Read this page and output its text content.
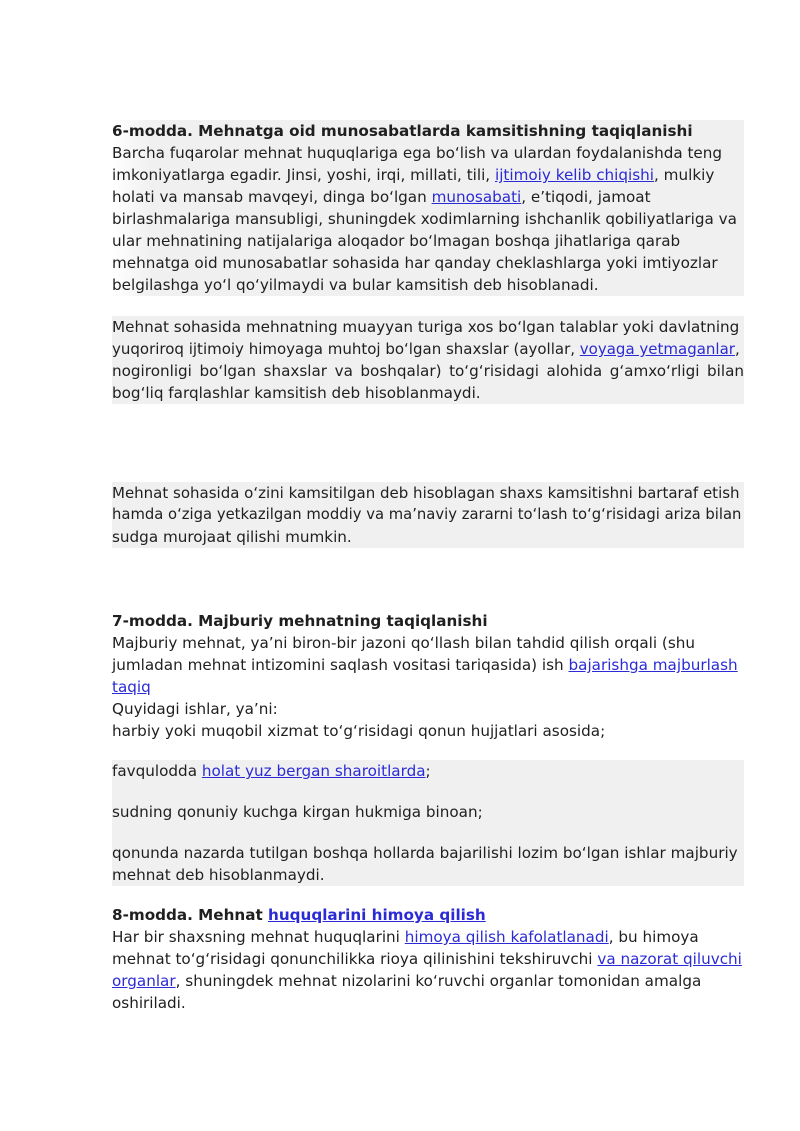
6-modda. Mehnatga oid munosabatlarda kamsitishning taqiqlanishi
Barcha fuqarolar mehnat huquqlariga ega bo‘lish va ulardan foydalanishda teng
imkoniyatlarga egadir. Jinsi, yoshi, irqi, millati, tili, ijtimoiy kelib chiqishi, mulkiy
holati va mansab mavqeyi, dinga bo‘lgan munosabati, e’tiqodi, jamoat
birlashmalariga mansubligi, shuningdek xodimlarning ishchanlik qobiliyatlariga va
ular mehnatining natijalariga aloqador bo‘lmagan boshqa jihatlariga qarab
mehnatga oid munosabatlar sohasida har qanday cheklashlarga yoki imtiyozlar
belgilashga yo‘l qo‘yilmaydi va bular kamsitish deb hisoblanadi.
Mehnat sohasida mehnatning muayyan turiga xos bo‘lgan talablar yoki davlatning
yuqoriroq ijtimoiy himoyaga muhtoj bo‘lgan shaxslar (ayollar, voyaga yetmaganlar,
nogironligi bo‘lgan shaxslar va boshqalar) to‘g‘risidagi alohida g‘amxo‘rligi bilan
bog‘liq farqlashlar kamsitish deb hisoblanmaydi.
Mehnat sohasida o‘zini kamsitilgan deb hisoblagan shaxs kamsitishni bartaraf etish
hamda o‘ziga yetkazilgan moddiy va ma’naviy zararni to‘lash to‘g‘risidagi ariza bilan
sudga murojaat qilishi mumkin.
7-modda. Majburiy mehnatning taqiqlanishi
Majburiy mehnat, ya’ni biron-bir jazoni qo‘llash bilan tahdid qilish orqali (shu
jumladan mehnat intizomini saqlash vositasi tariqasida) ish bajarishga majburlash
taqiq
Quyidagi ishlar, ya’ni:
harbiy yoki muqobil xizmat to‘g‘risidagi qonun hujjatlari asosida;
favqulodda holat yuz bergan sharoitlarda;
sudning qonuniy kuchga kirgan hukmiga binoan;
qonunda nazarda tutilgan boshqa hollarda bajarilishi lozim bo‘lgan ishlar majburiy
mehnat deb hisoblanmaydi.
8-modda. Mehnat huquqlarini himoya qilish
Har bir shaxsning mehnat huquqlarini himoya qilish kafolatlanadi, bu himoya
mehnat to‘g‘risidagi qonunchilikka rioya qilinishini tekshiruvchi va nazorat qiluvchi
organlar, shuningdek mehnat nizolarini ko‘ruvchi organlar tomonidan amalga
oshiriladi.
